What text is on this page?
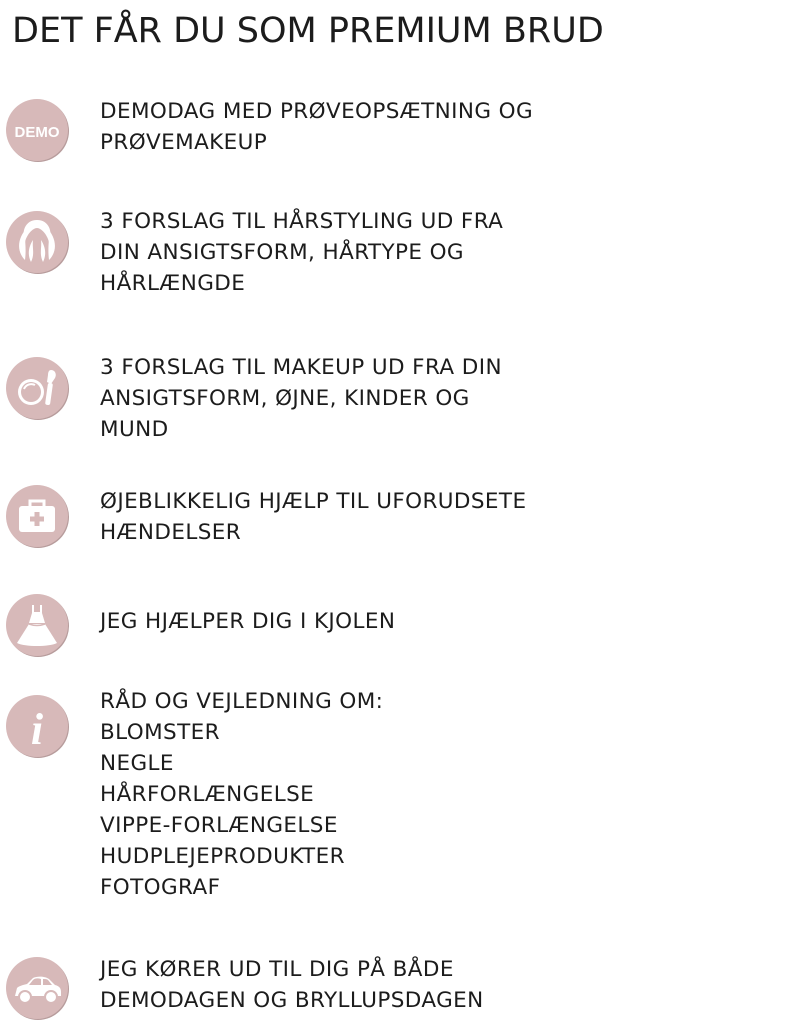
DET FÅR DU SOM PREMIUM BRUD
DEMO
DEMODAG MED PRØVEOPSÆTNING OG
PRØVEMAKEUP
3 FORSLAG TIL HÅRSTYLING UD FRA
DIN ANSIGTSFORM, HÅRTYPE OG
HÅRLÆNGDE
3 FORSLAG TIL MAKEUP UD FRA DIN
ANSIGTSFORM, ØJNE, KINDER OG
MUND
ØJEBLIKKELIG HJÆLP TIL UFORUDSETE
HÆNDELSER
JEG HJÆLPER DIG I KJOLEN
i
RÅD OG VEJLEDNING OM:
BLOMSTER
NEGLE
HÅRFORLÆNGELSE
VIPPE-FORLÆNGELSE
HUDPLEJEPRODUKTER
FOTOGRAF
JEG KØRER UD TIL DIG PÅ BÅDE
DEMODAGEN OG BRYLLUPSDAGEN
